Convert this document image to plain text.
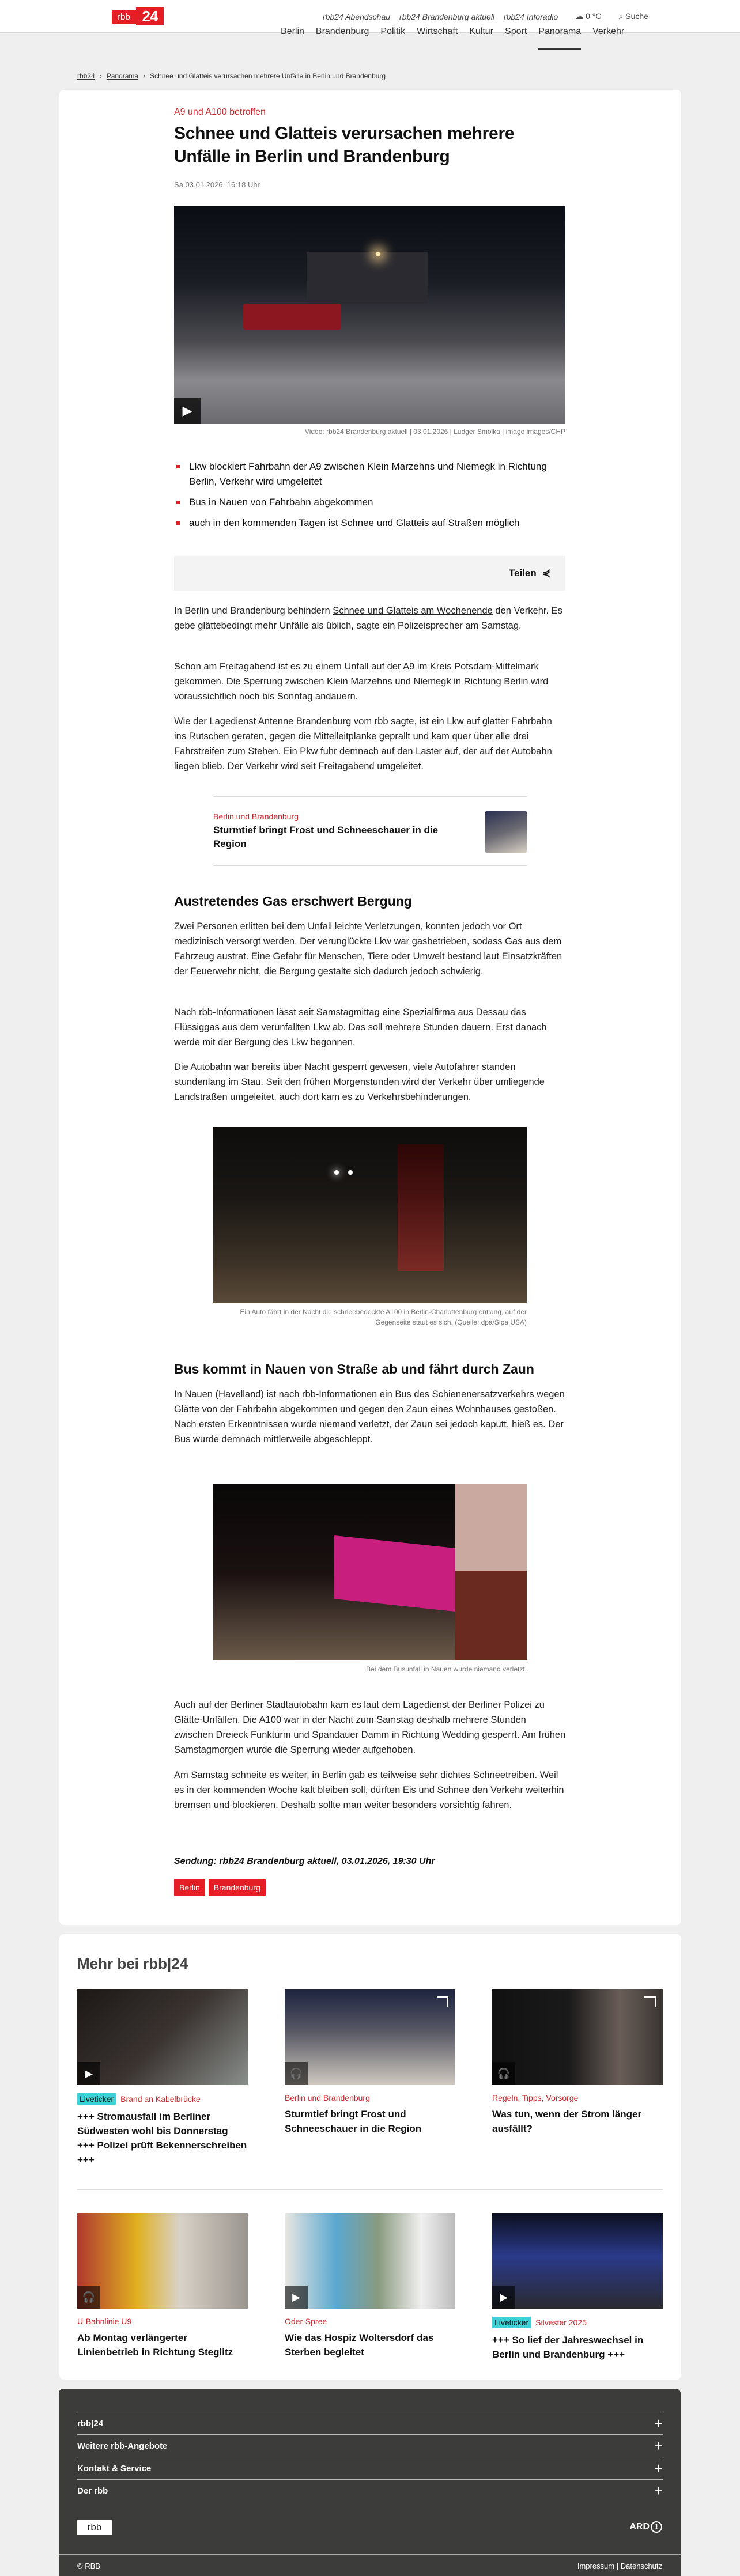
rbb 24	rbb24 Abendschau rbb24 Brandenburg aktuell rbb24 Inforadio ☁ 0 °C ⌕ Suche
Berlin Brandenburg Politik Wirtschaft Kultur Sport Panorama Verkehr
rbb24 › Panorama › Schnee und Glatteis verursachen mehrere Unfälle in Berlin und Brandenburg
A9 und A100 betroffen
Schnee und Glatteis verursachen mehrere Unfälle in Berlin und Brandenburg
Sa 03.01.2026, 16:18 Uhr
▶
Video: rbb24 Brandenburg aktuell | 03.01.2026 | Ludger Smolka | imago images/CHP
Lkw blockiert Fahrbahn der A9 zwischen Klein Marzehns und Niemegk in Richtung Berlin, Verkehr wird umgeleitet
Bus in Nauen von Fahrbahn abgekommen
auch in den kommenden Tagen ist Schnee und Glatteis auf Straßen möglich
Teilen ⋞

In Berlin und Brandenburg behindern Schnee und Glatteis am Wochenende den Verkehr. Es gebe glättebedingt mehr Unfälle als üblich, sagte ein Polizeisprecher am Samstag.

Schon am Freitagabend ist es zu einem Unfall auf der A9 im Kreis Potsdam-Mittelmark gekommen. Die Sperrung zwischen Klein Marzehns und Niemegk in Richtung Berlin wird voraussichtlich noch bis Sonntag andauern.

Wie der Lagedienst Antenne Brandenburg vom rbb sagte, ist ein Lkw auf glatter Fahrbahn ins Rutschen geraten, gegen die Mittelleitplanke geprallt und kam quer über alle drei Fahrstreifen zum Stehen. Ein Pkw fuhr demnach auf den Laster auf, der auf der Autobahn liegen blieb. Der Verkehr wird seit Freitagabend umgeleitet.

Berlin und Brandenburg
Sturmtief bringt Frost und Schneeschauer in die Region
Austretendes Gas erschwert Bergung

Zwei Personen erlitten bei dem Unfall leichte Verletzungen, konnten jedoch vor Ort medizinisch versorgt werden. Der verunglückte Lkw war gasbetrieben, sodass Gas aus dem Fahrzeug austrat. Eine Gefahr für Menschen, Tiere oder Umwelt bestand laut Einsatzkräften der Feuerwehr nicht, die Bergung gestalte sich dadurch jedoch schwierig.

Nach rbb-Informationen lässt seit Samstagmittag eine Spezialfirma aus Dessau das Flüssiggas aus dem verunfallten Lkw ab. Das soll mehrere Stunden dauern. Erst danach werde mit der Bergung des Lkw begonnen.

Die Autobahn war bereits über Nacht gesperrt gewesen, viele Autofahrer standen stundenlang im Stau. Seit den frühen Morgenstunden wird der Verkehr über umliegende Landstraßen umgeleitet, auch dort kam es zu Verkehrsbehinderungen.

Ein Auto fährt in der Nacht die schneebedeckte A100 in Berlin-Charlottenburg entlang, auf der Gegenseite staut es sich. (Quelle: dpa/Sipa USA)
Bus kommt in Nauen von Straße ab und fährt durch Zaun

In Nauen (Havelland) ist nach rbb-Informationen ein Bus des Schienenersatzverkehrs wegen Glätte von der Fahrbahn abgekommen und gegen den Zaun eines Wohnhauses gestoßen. Nach ersten Erkenntnissen wurde niemand verletzt, der Zaun sei jedoch kaputt, hieß es. Der Bus wurde demnach mittlerweile abgeschleppt.

Bei dem Busunfall in Nauen wurde niemand verletzt.

Auch auf der Berliner Stadtautobahn kam es laut dem Lagedienst der Berliner Polizei zu Glätte-Unfällen. Die A100 war in der Nacht zum Samstag deshalb mehrere Stunden zwischen Dreieck Funkturm und Spandauer Damm in Richtung Wedding gesperrt. Am frühen Samstagmorgen wurde die Sperrung wieder aufgehoben.

Am Samstag schneite es weiter, in Berlin gab es teilweise sehr dichtes Schneetreiben. Weil es in der kommenden Woche kalt bleiben soll, dürften Eis und Schnee den Verkehr weiterhin bremsen und blockieren. Deshalb sollte man weiter besonders vorsichtig fahren.

Sendung: rbb24 Brandenburg aktuell, 03.01.2026, 19:30 Uhr
Berlin Brandenburg
Mehr bei rbb|24
▶
Liveticker Brand an Kabelbrücke
+++ Stromausfall im Berliner Südwesten wohl bis Donnerstag +++ Polizei prüft Bekennerschreiben +++
🎧
Berlin und Brandenburg
Sturmtief bringt Frost und Schneeschauer in die Region
🎧
Regeln, Tipps, Vorsorge
Was tun, wenn der Strom länger ausfällt?
🎧
U-Bahnlinie U9
Ab Montag verlängerter Linienbetrieb in Richtung Steglitz
▶
Oder-Spree
Wie das Hospiz Woltersdorf das Sterben begleitet
▶
Liveticker Silvester 2025
+++ So lief der Jahreswechsel in Berlin und Brandenburg +++
rbb|24	+
Weitere rbb-Angebote	+
Kontakt & Service	+
Der rbb	+
rbb	ARD 1
© RBB	Impressum | Datenschutz
